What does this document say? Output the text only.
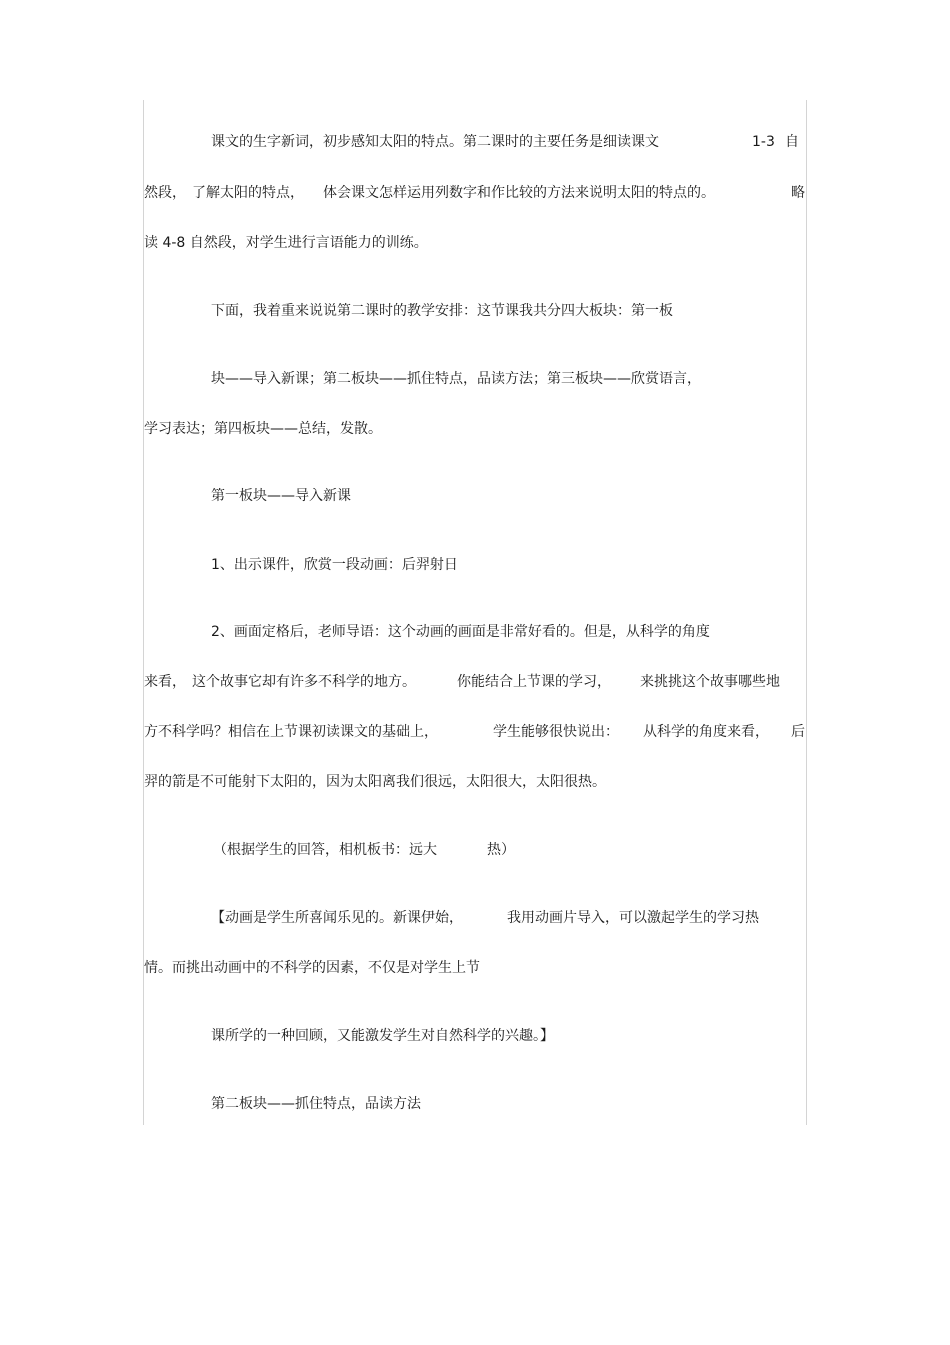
课文的生字新词，初步感知太阳的特点。第二课时的主要任务是细读课文	1-3 自
然段， 了解太阳的特点， 体会课文怎样运用列数字和作比较的方法来说明太阳的特点的。	略
读 4-8 自然段，对学生进行言语能力的训练。
下面，我着重来说说第二课时的教学安排：这节课我共分四大板块：第一板
块——导入新课；第二板块——抓住特点，品读方法；第三板块——欣赏语言，
学习表达；第四板块——总结，发散。
第一板块——导入新课
1、出示课件，欣赏一段动画：后羿射日
2、画面定格后，老师导语：这个动画的画面是非常好看的。但是，从科学的角度
来看， 这个故事它却有许多不科学的地方。	你能结合上节课的学习， 来挑挑这个故事哪些地
方不科学吗？相信在上节课初读课文的基础上，	学生能够很快说出： 从科学的角度来看， 后
羿的箭是不可能射下太阳的，因为太阳离我们很远，太阳很大，太阳很热。
（根据学生的回答，相机板书：远大	热）
【动画是学生所喜闻乐见的。新课伊始，	我用动画片导入，可以激起学生的学习热
情。而挑出动画中的不科学的因素，不仅是对学生上节
课所学的一种回顾，又能激发学生对自然科学的兴趣。】
第二板块——抓住特点，品读方法
